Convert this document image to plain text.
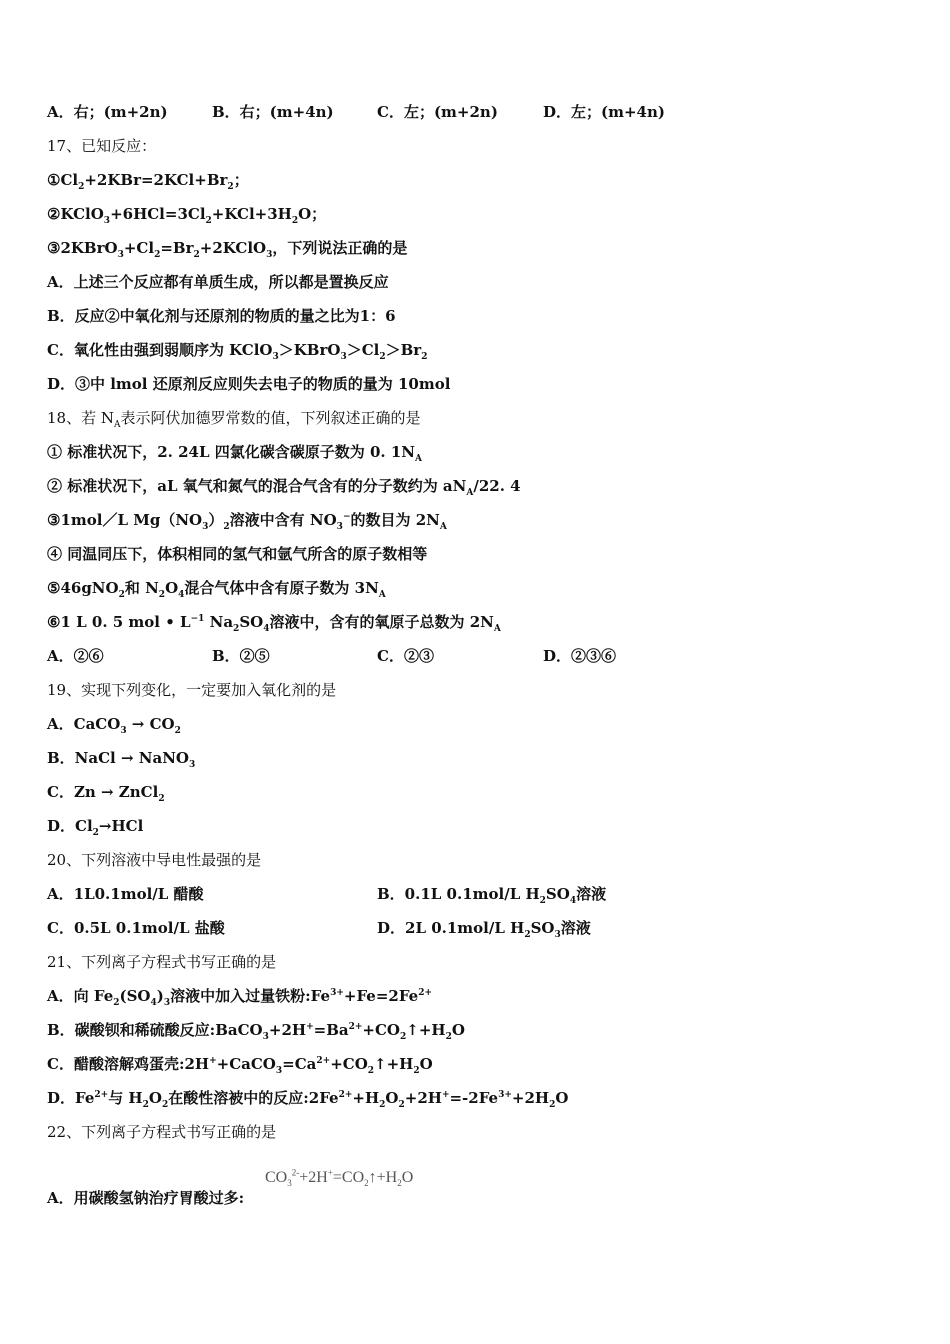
A．右；(m+2n)	B．右；(m+4n)	C．左；(m+2n)	D．左；(m+4n)
17、已知反应：
$①Cl_2+2KBr=2KCl+Br_2$；
$②KClO_3+6HCl=3Cl_2+KCl+3H_2O$；
$③2KBrO_3+Cl_2=Br_2+2KClO_3$，下列说法正确的是
A．上述三个反应都有单质生成，所以都是置换反应
B．反应②中氧化剂与还原剂的物质的量之比为1：6
C．氧化性由强到弱顺序为 $KClO_3>KBrO_3>Cl_2>Br_2$
D．③中 lmol 还原剂反应则失去电子的物质的量为 10mol
18、若 $N_A$表示阿伏加德罗常数的值，下列叙述正确的是
① 标准状况下，2. 24L 四氯化碳含碳原子数为 0. $1N_A$
② 标准状况下，aL 氧气和氮气的混合气含有的分子数约为 $aN_A/22$. 4
③1mol／L $Mg(NO_3)_2$溶液中含有 $NO_3^-$的数目为 $2N_A$
④ 同温同压下，体积相同的氢气和氩气所含的原子数相等
⑤46gNO$_2$和 $N_2O_4$混合气体中含有原子数为 $3N_A$
⑥1 L 0. 5 mol • $L^{-1}$ $Na_2SO_4$溶液中，含有的氧原子总数为 $2N_A$
A．②⑥	B．②⑤	C．②③	D．②③⑥
19、实现下列变化，一定要加入氧化剂的是
A．CaCO$_3$ → $CO_2$
B．NaCl → NaNO$_3$
C．Zn → ZnCl$_2$
D．$Cl_2\to HCl$
20、下列溶液中导电性最强的是
A．1L0.1mol/L 醋酸	B．0.1L 0.1mol/L $H_2SO_4$溶液
C．0.5L 0.1mol/L 盐酸	D．2L 0.1mol/L $H_2SO_3$溶液
21、下列离子方程式书写正确的是
A．向 $Fe_2(SO_4)_3$溶液中加入过量铁粉$:Fe^{3+}+Fe=2Fe^{2+}$
B．碳酸钡和稀硫酸反应$:BaCO_3+2H^+=Ba^{2+}+CO_2↑+H_2O$
C．醋酸溶解鸡蛋壳$:2H^++CaCO_3=Ca^{2+}+CO_2↑+H_2O$
D．$Fe^{2+}$与 $H_2O_2$在酸性溶被中的反应$:2Fe^{2+}+H_2O_2+2H^+=-2Fe^{3+}+2H_2O$
22、下列离子方程式书写正确的是
A．用碳酸氢钠治疗胃酸过多:
$CO_3^{2-}+2H^+=CO_2↑+H_2O$
